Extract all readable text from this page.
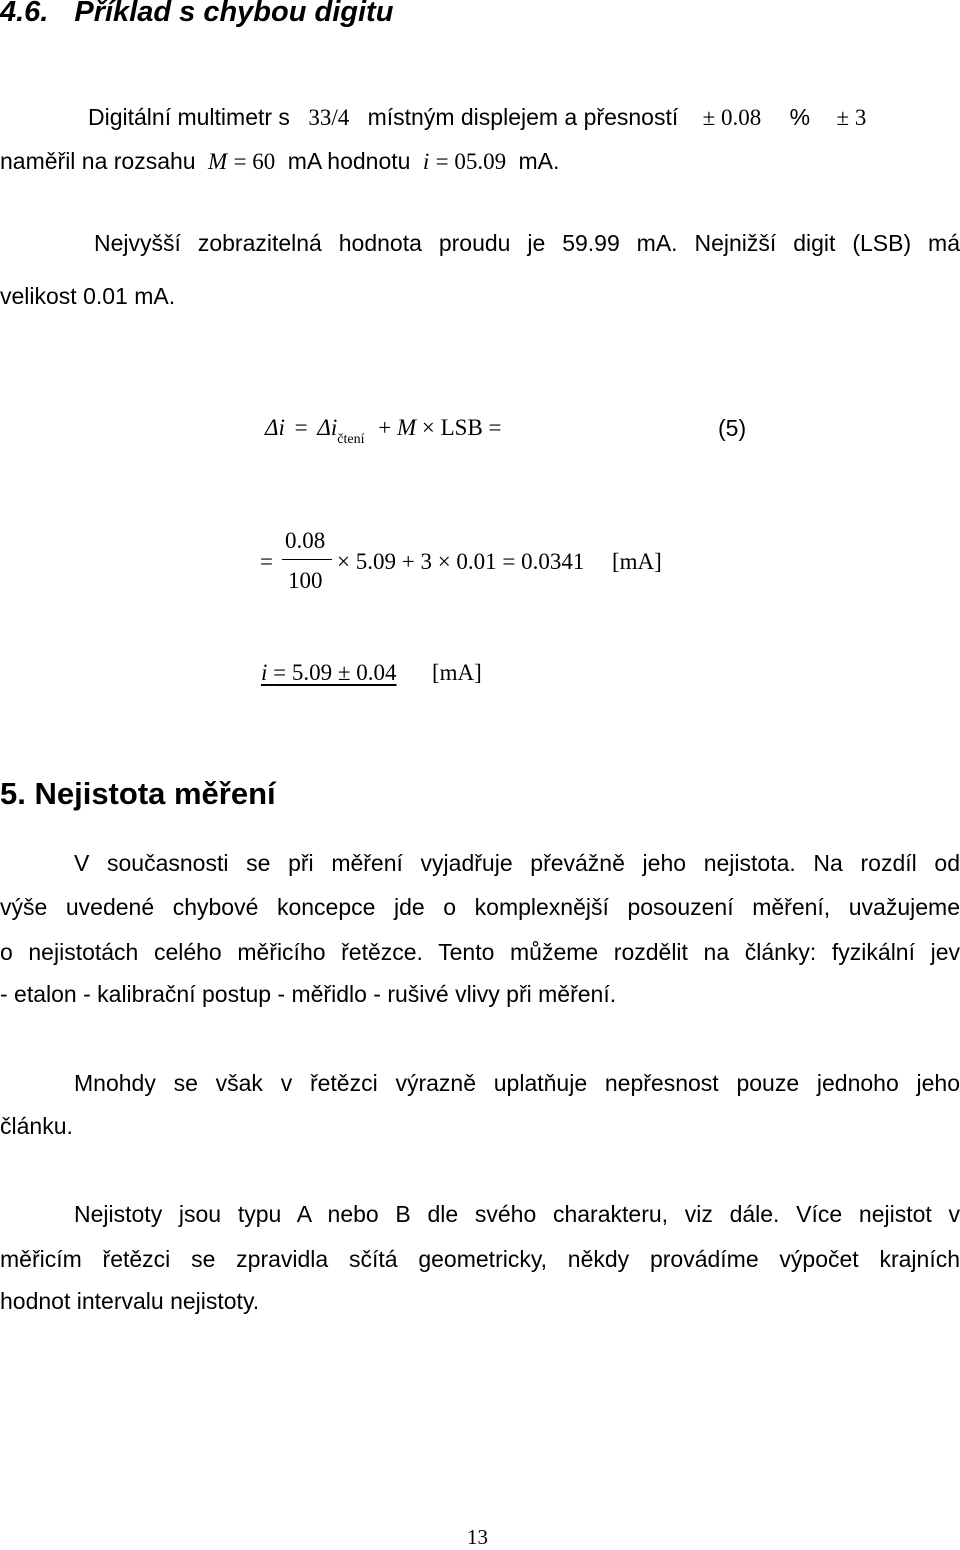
4.6. Příklad s chybou digitu
Digitální multimetr s 33/4 místným displejem a přesností ± 0.08 % ± 3
naměřil na rozsahu M = 60 mA hodnotu i = 05.09 mA.
Nejvyšší zobrazitelná hodnota proudu je 59.99 mA. Nejnižší digit (LSB) má
velikost 0.01 mA.
$\Delta i = \Delta i_{čtení} + M$ × LSB =	(5)
=
0.08
100
× 5.09 + 3 × 0.01 = 0.0341 [mA]
i = 5.09 ± 0.04 [mA]
5. Nejistota měření
V současnosti se při měření vyjadřuje převážně jeho nejistota. Na rozdíl od
výše uvedené chybové koncepce jde o komplexnější posouzení měření, uvažujeme
o nejistotách celého měřicího řetězce. Tento můžeme rozdělit na články: fyzikální jev
- etalon - kalibrační postup - měřidlo - rušivé vlivy při měření.
Mnohdy se však v řetězci výrazně uplatňuje nepřesnost pouze jednoho jeho
článku.
Nejistoty jsou typu A nebo B dle svého charakteru, viz dále. Více nejistot v
měřicím řetězci se zpravidla sčítá geometricky, někdy provádíme výpočet krajních
hodnot intervalu nejistoty.
13
